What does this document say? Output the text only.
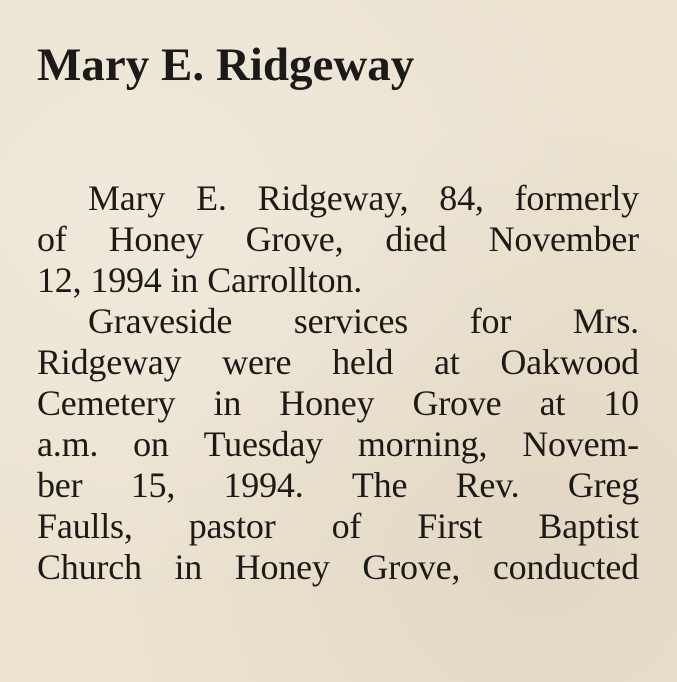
Mary E. Ridgeway
Mary E. Ridgeway, 84, formerly
of Honey Grove, died November
12, 1994 in Carrollton.
Graveside services for Mrs.
Ridgeway were held at Oakwood
Cemetery in Honey Grove at 10
a.m. on Tuesday morning, Novem-
ber 15, 1994. The Rev. Greg
Faulls, pastor of First Baptist
Church in Honey Grove, conducted
